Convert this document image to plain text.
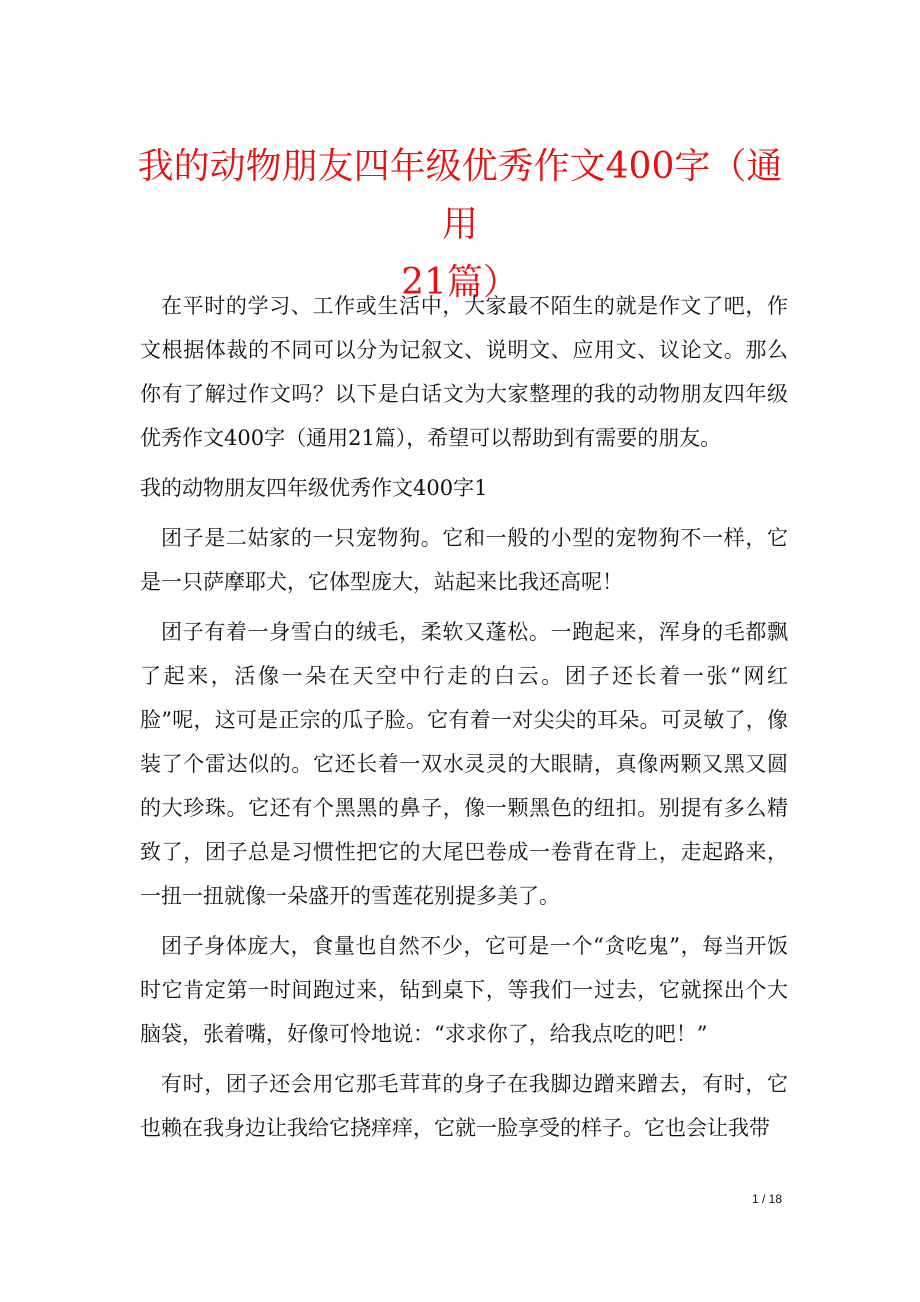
我的动物朋友四年级优秀作文400字（通用
21篇）

在平时的学习、工作或生活中，大家最不陌生的就是作文了吧，作文根据体裁的不同可以分为记叙文、说明文、应用文、议论文。那么你有了解过作文吗？以下是白话文为大家整理的我的动物朋友四年级优秀作文400字（通用21篇），希望可以帮助到有需要的朋友。

我的动物朋友四年级优秀作文400字1

团子是二姑家的一只宠物狗。它和一般的小型的宠物狗不一样，它是一只萨摩耶犬，它体型庞大，站起来比我还高呢！

团子有着一身雪白的绒毛，柔软又蓬松。一跑起来，浑身的毛都飘了起来，活像一朵在天空中行走的白云。团子还长着一张“网红脸”呢，这可是正宗的瓜子脸。它有着一对尖尖的耳朵。可灵敏了，像装了个雷达似的。它还长着一双水灵灵的大眼睛，真像两颗又黑又圆的大珍珠。它还有个黑黑的鼻子，像一颗黑色的纽扣。别提有多么精致了，团子总是习惯性把它的大尾巴卷成一卷背在背上，走起路来，一扭一扭就像一朵盛开的雪莲花别提多美了。

团子身体庞大，食量也自然不少，它可是一个“贪吃鬼”，每当开饭时它肯定第一时间跑过来，钻到桌下，等我们一过去，它就探出个大脑袋，张着嘴，好像可怜地说：“求求你了，给我点吃的吧！”

有时，团子还会用它那毛茸茸的身子在我脚边蹭来蹭去，有时，它也赖在我身边让我给它挠痒痒，它就一脸享受的样子。它也会让我带

1 / 18
